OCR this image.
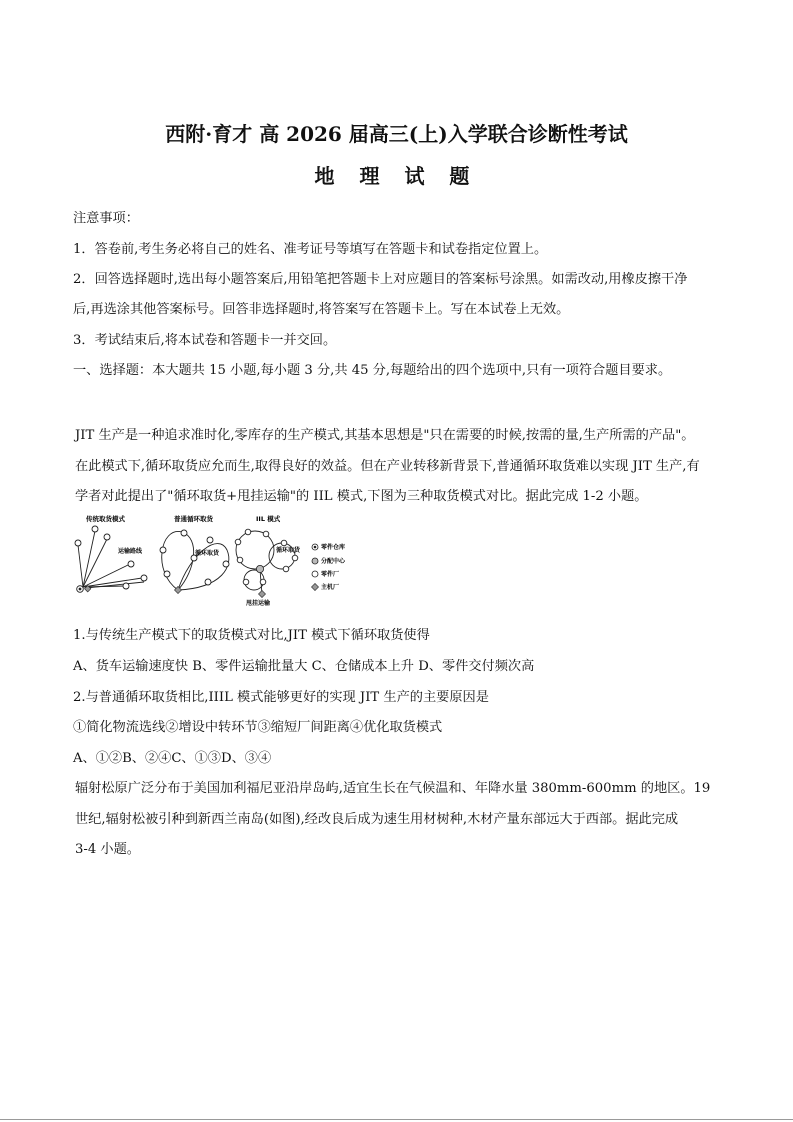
西附·育才 高 2026 届高三(上)入学联合诊断性考试
地 理 试 题
注意事项：
1．答卷前,考生务必将自己的姓名、准考证号等填写在答题卡和试卷指定位置上。
2．回答选择题时,选出每小题答案后,用铅笔把答题卡上对应题目的答案标号涂黑。如需改动,用橡皮擦干净
后,再选涂其他答案标号。回答非选择题时,将答案写在答题卡上。写在本试卷上无效。
3．考试结束后,将本试卷和答题卡一并交回。
一、选择题：本大题共 15 小题,每小题 3 分,共 45 分,每题给出的四个选项中,只有一项符合题目要求。
JIT 生产是一种追求准时化,零库存的生产模式,其基本思想是"只在需要的时候,按需的量,生产所需的产品"。
在此模式下,循环取货应允而生,取得良好的效益。但在产业转移新背景下,普通循环取货难以实现 JIT 生产,有
学者对此提出了"循环取货+甩挂运输"的 IIL 模式,下图为三种取货模式对比。据此完成 1-2 小题。
传统取货模式
运输路线
普通循环取货
循环取货
IIL 模式
循环取货
甩挂运输
零件仓库
分配中心
零件厂
主机厂
1.与传统生产模式下的取货模式对比,JIT 模式下循环取货使得
A、货车运输速度快 B、零件运输批量大 C、仓储成本上升 D、零件交付频次高
2.与普通循环取货相比,IIIL 模式能够更好的实现 JIT 生产的主要原因是
①简化物流选线②增设中转环节③缩短厂间距离④优化取货模式
A、①②B、②④C、①③D、③④
辐射松原广泛分布于美国加利福尼亚沿岸岛屿,适宜生长在气候温和、年降水量 380mm-600mm 的地区。19
世纪,辐射松被引种到新西兰南岛(如图),经改良后成为速生用材树种,木材产量东部远大于西部。据此完成
3-4 小题。
